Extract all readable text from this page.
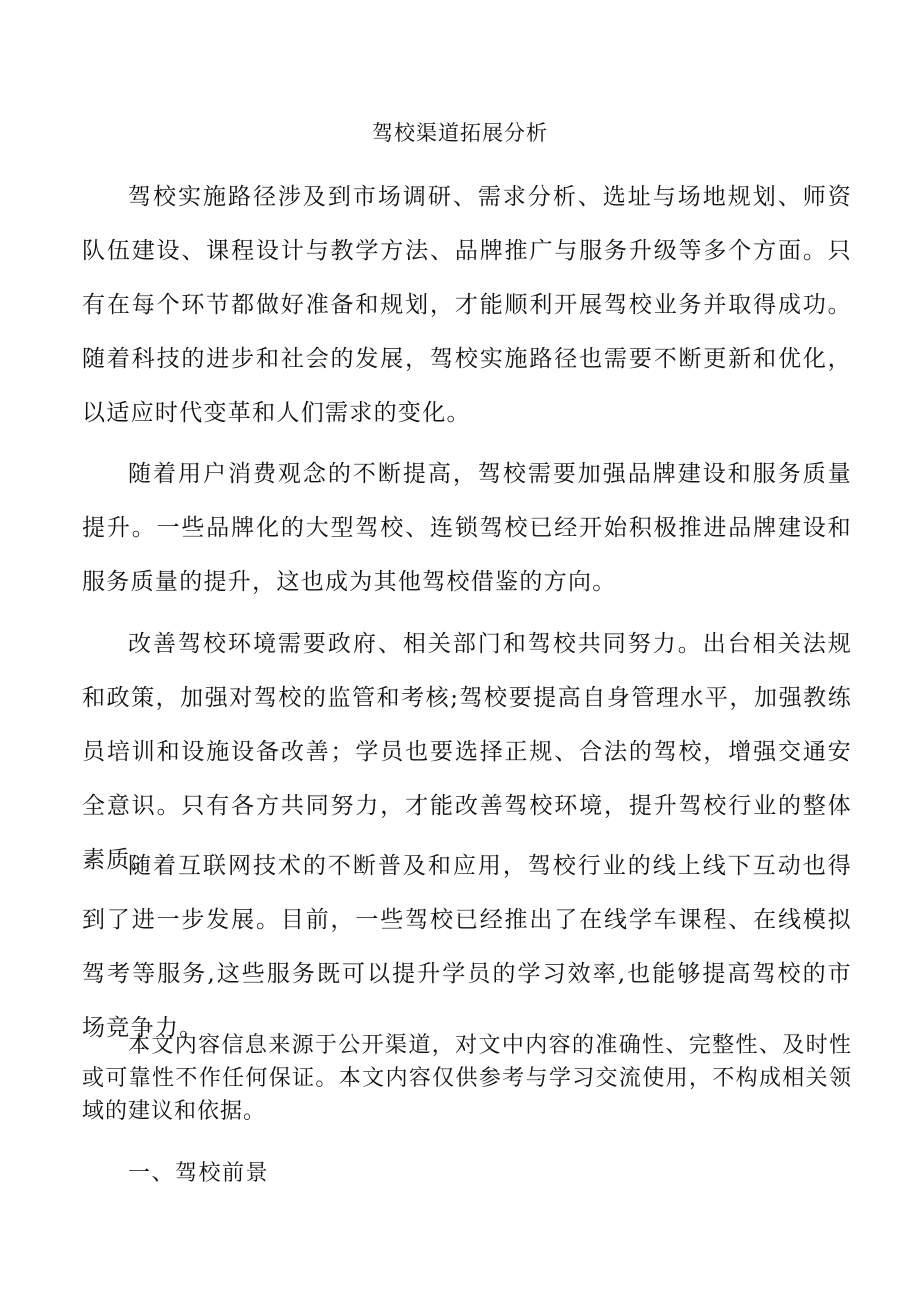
驾校渠道拓展分析

驾校实施路径涉及到市场调研、需求分析、选址与场地规划、师资队伍建设、课程设计与教学方法、品牌推广与服务升级等多个方面。只有在每个环节都做好准备和规划，才能顺利开展驾校业务并取得成功。随着科技的进步和社会的发展，驾校实施路径也需要不断更新和优化，以适应时代变革和人们需求的变化。

随着用户消费观念的不断提高，驾校需要加强品牌建设和服务质量提升。一些品牌化的大型驾校、连锁驾校已经开始积极推进品牌建设和服务质量的提升，这也成为其他驾校借鉴的方向。

改善驾校环境需要政府、相关部门和驾校共同努力。出台相关法规和政策，加强对驾校的监管和考核;驾校要提高自身管理水平，加强教练员培训和设施设备改善；学员也要选择正规、合法的驾校，增强交通安全意识。只有各方共同努力，才能改善驾校环境，提升驾校行业的整体素质。

随着互联网技术的不断普及和应用，驾校行业的线上线下互动也得到了进一步发展。目前，一些驾校已经推出了在线学车课程、在线模拟驾考等服务,这些服务既可以提升学员的学习效率,也能够提高驾校的市场竞争力。

本文内容信息来源于公开渠道，对文中内容的准确性、完整性、及时性或可靠性不作任何保证。本文内容仅供参考与学习交流使用，不构成相关领域的建议和依据。

一、驾校前景
